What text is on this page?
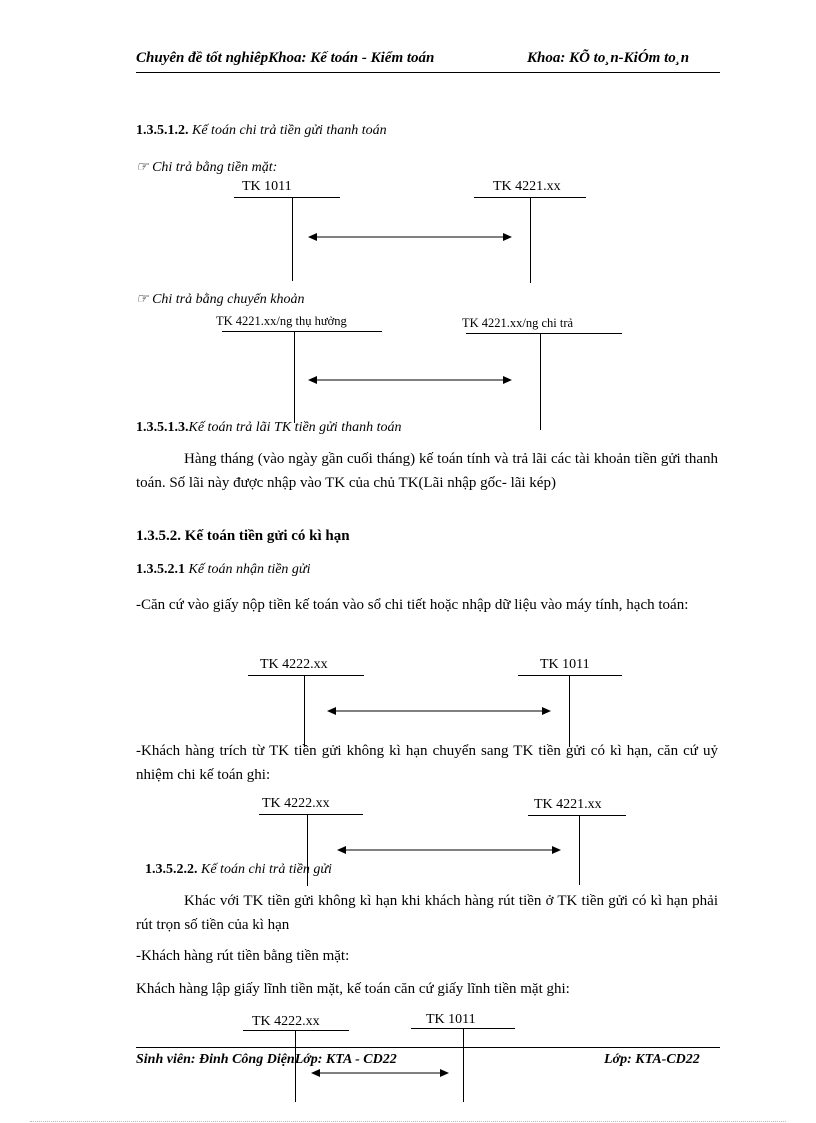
Chuyên đề tốt nghiêpKhoa: Kế toán - Kiểm toán	Khoa: KÕ to¸n-KiÓm to¸n
1.3.5.1.2. Kế toán chi trả tiền gửi thanh toán
☞ Chi trả bằng tiền mặt:
TK 1011	TK 4221.xx
☞ Chi trả bằng chuyển khoản
TK 4221.xx/ng thụ hưởng	TK 4221.xx/ng chi trả
1.3.5.1.3.Kế toán trả lãi TK tiền gửi thanh toán
Hàng tháng (vào ngày gần cuối tháng) kế toán tính và trả lãi các tài khoản tiền gửi thanh toán. Số lãi này được nhập vào TK của chủ TK(Lãi nhập gốc- lãi kép)
1.3.5.2. Kế toán tiền gửi có kì hạn
1.3.5.2.1 Kế toán nhận tiền gửi
-Căn cứ vào giấy nộp tiền kế toán vào sổ chi tiết hoặc nhập dữ liệu vào máy tính, hạch toán:
TK 4222.xx	TK 1011
-Khách hàng trích từ TK tiền gửi không kì hạn chuyển sang TK tiền gửi có kì hạn, căn cứ uỷ nhiệm chi kế toán ghi:
TK 4222.xx	TK 4221.xx
1.3.5.2.2. Kế toán chi trả tiền gửi
Khác với TK tiền gửi không kì hạn khi khách hàng rút tiền ở TK tiền gửi có kì hạn phải rút trọn số tiền của kì hạn
-Khách hàng rút tiền bằng tiền mặt:
Khách hàng lập giấy lĩnh tiền mặt, kế toán căn cứ giấy lĩnh tiền mặt ghi:
TK 4222.xx	TK 1011
Sinh viên: Đinh Công DiệnLớp: KTA - CD22	Lớp: KTA-CD22
